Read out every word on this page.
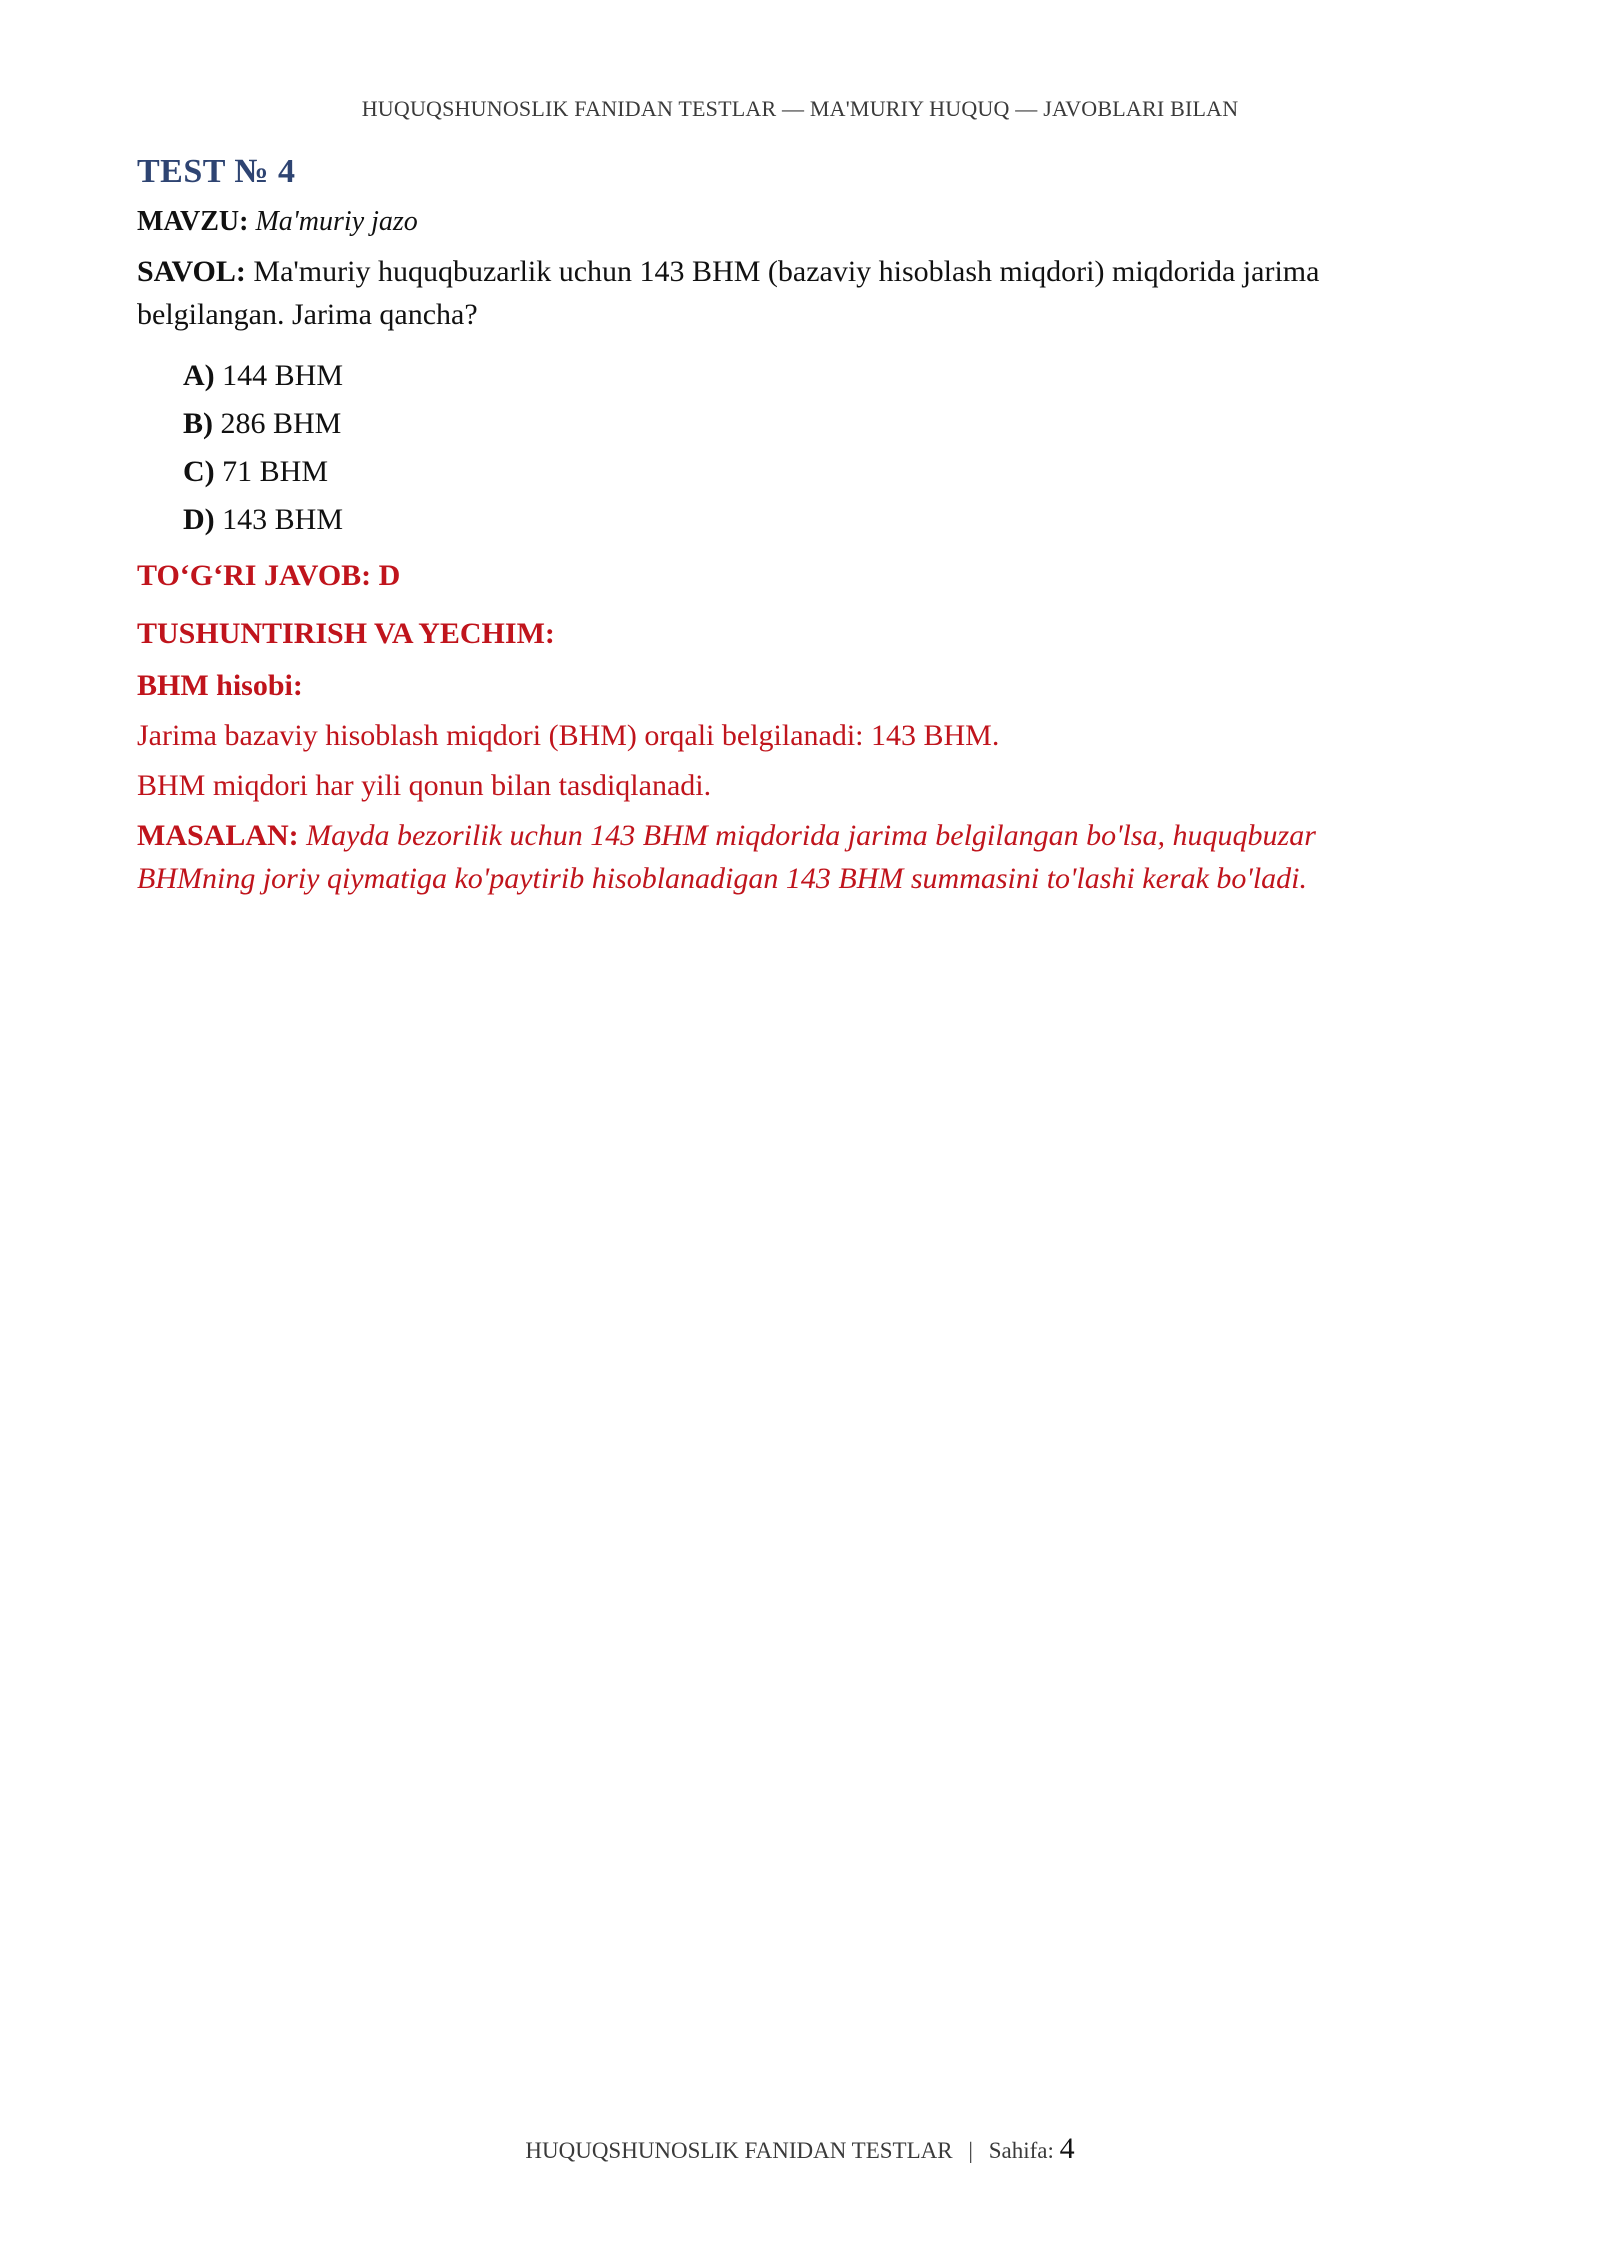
HUQUQSHUNOSLIK FANIDAN TESTLAR — MA'MURIY HUQUQ — JAVOBLARI BILAN
TEST № 4
MAVZU: Ma'muriy jazo
SAVOL: Ma'muriy huquqbuzarlik uchun 143 BHM (bazaviy hisoblash miqdori) miqdorida jarima belgilangan. Jarima qancha?
A) 144 BHM
B) 286 BHM
C) 71 BHM
D) 143 BHM
TO‘G‘RI JAVOB: D
TUSHUNTIRISH VA YECHIM:
BHM hisobi:
Jarima bazaviy hisoblash miqdori (BHM) orqali belgilanadi: 143 BHM.
BHM miqdori har yili qonun bilan tasdiqlanadi.
MASALAN: Mayda bezorilik uchun 143 BHM miqdorida jarima belgilangan bo'lsa, huquqbuzar BHMning joriy qiymatiga ko'paytirib hisoblanadigan 143 BHM summasini to'lashi kerak bo'ladi.
HUQUQSHUNOSLIK FANIDAN TESTLAR | Sahifa: 4
